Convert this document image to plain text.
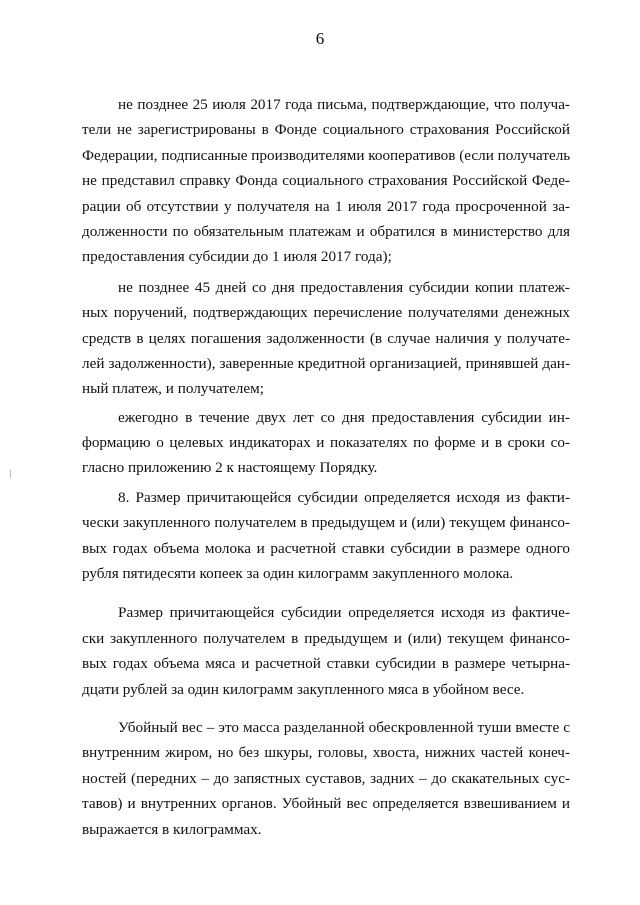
6

не позднее 25 июля 2017 года письма, подтверждающие, что получа-
тели не зарегистрированы в Фонде социального страхования Российской
Федерации, подписанные производителями кооперативов (если получатель
не представил справку Фонда социального страхования Российской Феде-
рации об отсутствии у получателя на 1 июля 2017 года просроченной за-
долженности по обязательным платежам и обратился в министерство для
предоставления субсидии до 1 июля 2017 года);

не позднее 45 дней со дня предоставления субсидии копии платеж-
ных поручений, подтверждающих перечисление получателями денежных
средств в целях погашения задолженности (в случае наличия у получате-
лей задолженности), заверенные кредитной организацией, принявшей дан-
ный платеж, и получателем;

ежегодно в течение двух лет со дня предоставления субсидии ин-
формацию о целевых индикаторах и показателях по форме и в сроки со-
гласно приложению 2 к настоящему Порядку.

8. Размер причитающейся субсидии определяется исходя из факти-
чески закупленного получателем в предыдущем и (или) текущем финансо-
вых годах объема молока и расчетной ставки субсидии в размере одного
рубля пятидесяти копеек за один килограмм закупленного молока.

Размер причитающейся субсидии определяется исходя из фактиче-
ски закупленного получателем в предыдущем и (или) текущем финансо-
вых годах объема мяса и расчетной ставки субсидии в размере четырна-
дцати рублей за один килограмм закупленного мяса в убойном весе.

Убойный вес – это масса разделанной обескровленной туши вместе с
внутренним жиром, но без шкуры, головы, хвоста, нижних частей конеч-
ностей (передних – до запястных суставов, задних – до скакательных сус-
тавов) и внутренних органов. Убойный вес определяется взвешиванием и
выражается в килограммах.
